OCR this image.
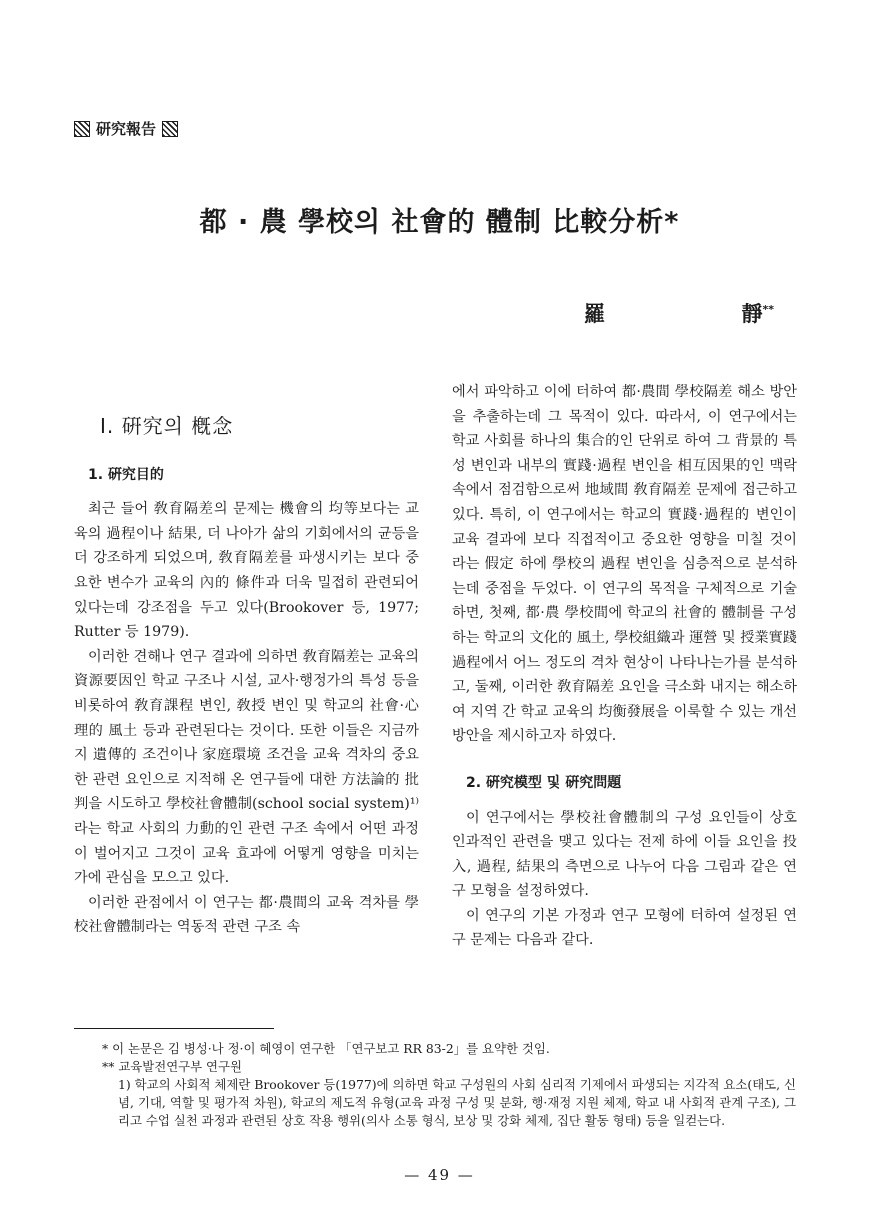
研究報告
都 · 農 學校의 社會的 體制 比較分析*
羅	靜**
Ⅰ. 硏究의 槪念
1. 硏究目的

최근 들어 敎育隔差의 문제는 機會의 均等보다는 교육의 過程이나 結果, 더 나아가 삶의 기회에서의 균등을 더 강조하게 되었으며, 敎育隔差를 파생시키는 보다 중요한 변수가 교육의 內的 條件과 더욱 밀접히 관련되어 있다는데 강조점을 두고 있다(Brookover 등, 1977; Rutter 등 1979).

이러한 견해나 연구 결과에 의하면 敎育隔差는 교육의 資源要因인 학교 구조나 시설, 교사·행정가의 특성 등을 비롯하여 敎育課程 변인, 敎授 변인 및 학교의 社會·心理的 風土 등과 관련된다는 것이다. 또한 이들은 지금까지 遺傳的 조건이나 家庭環境 조건을 교육 격차의 중요한 관련 요인으로 지적해 온 연구들에 대한 方法論的 批判을 시도하고 學校社會體制(school social system)¹⁾라는 학교 사회의 力動的인 관련 구조 속에서 어떤 과정이 벌어지고 그것이 교육 효과에 어떻게 영향을 미치는가에 관심을 모으고 있다.

이러한 관점에서 이 연구는 都·農間의 교육 격차를 學校社會體制라는 역동적 관련 구조 속

에서 파악하고 이에 터하여 都·農間 學校隔差 해소 방안을 추출하는데 그 목적이 있다. 따라서, 이 연구에서는 학교 사회를 하나의 集合的인 단위로 하여 그 背景的 특성 변인과 내부의 實踐·過程 변인을 相互因果的인 맥락 속에서 점검함으로써 地域間 敎育隔差 문제에 접근하고 있다. 특히, 이 연구에서는 학교의 實踐·過程的 변인이 교육 결과에 보다 직접적이고 중요한 영향을 미칠 것이라는 假定 하에 學校의 過程 변인을 심층적으로 분석하는데 중점을 두었다. 이 연구의 목적을 구체적으로 기술하면, 첫째, 都·農 學校間에 학교의 社會的 體制를 구성하는 학교의 文化的 風土, 學校組織과 運營 및 授業實踐過程에서 어느 정도의 격차 현상이 나타나는가를 분석하고, 둘째, 이러한 敎育隔差 요인을 극소화 내지는 해소하여 지역 간 학교 교육의 均衡發展을 이룩할 수 있는 개선 방안을 제시하고자 하였다.

2. 硏究模型 및 硏究問題

이 연구에서는 學校社會體制의 구성 요인들이 상호 인과적인 관련을 맺고 있다는 전제 하에 이들 요인을 投入, 過程, 結果의 측면으로 나누어 다음 그림과 같은 연구 모형을 설정하였다.

이 연구의 기본 가정과 연구 모형에 터하여 설정된 연구 문제는 다음과 같다.

* 이 논문은 김 병성·나 정·이 혜영이 연구한 「연구보고 RR 83-2」를 요약한 것임.

** 교육발전연구부 연구원

1) 학교의 사회적 체제란 Brookover 등(1977)에 의하면 학교 구성원의 사회 심리적 기제에서 파생되는 지각적 요소(태도, 신념, 기대, 역할 및 평가적 차원), 학교의 제도적 유형(교육 과정 구성 및 분화, 행·재정 지원 체제, 학교 내 사회적 관계 구조), 그리고 수업 실천 과정과 관련된 상호 작용 행위(의사 소통 형식, 보상 및 강화 체제, 집단 활동 형태) 등을 일컫는다.

— 49 —
